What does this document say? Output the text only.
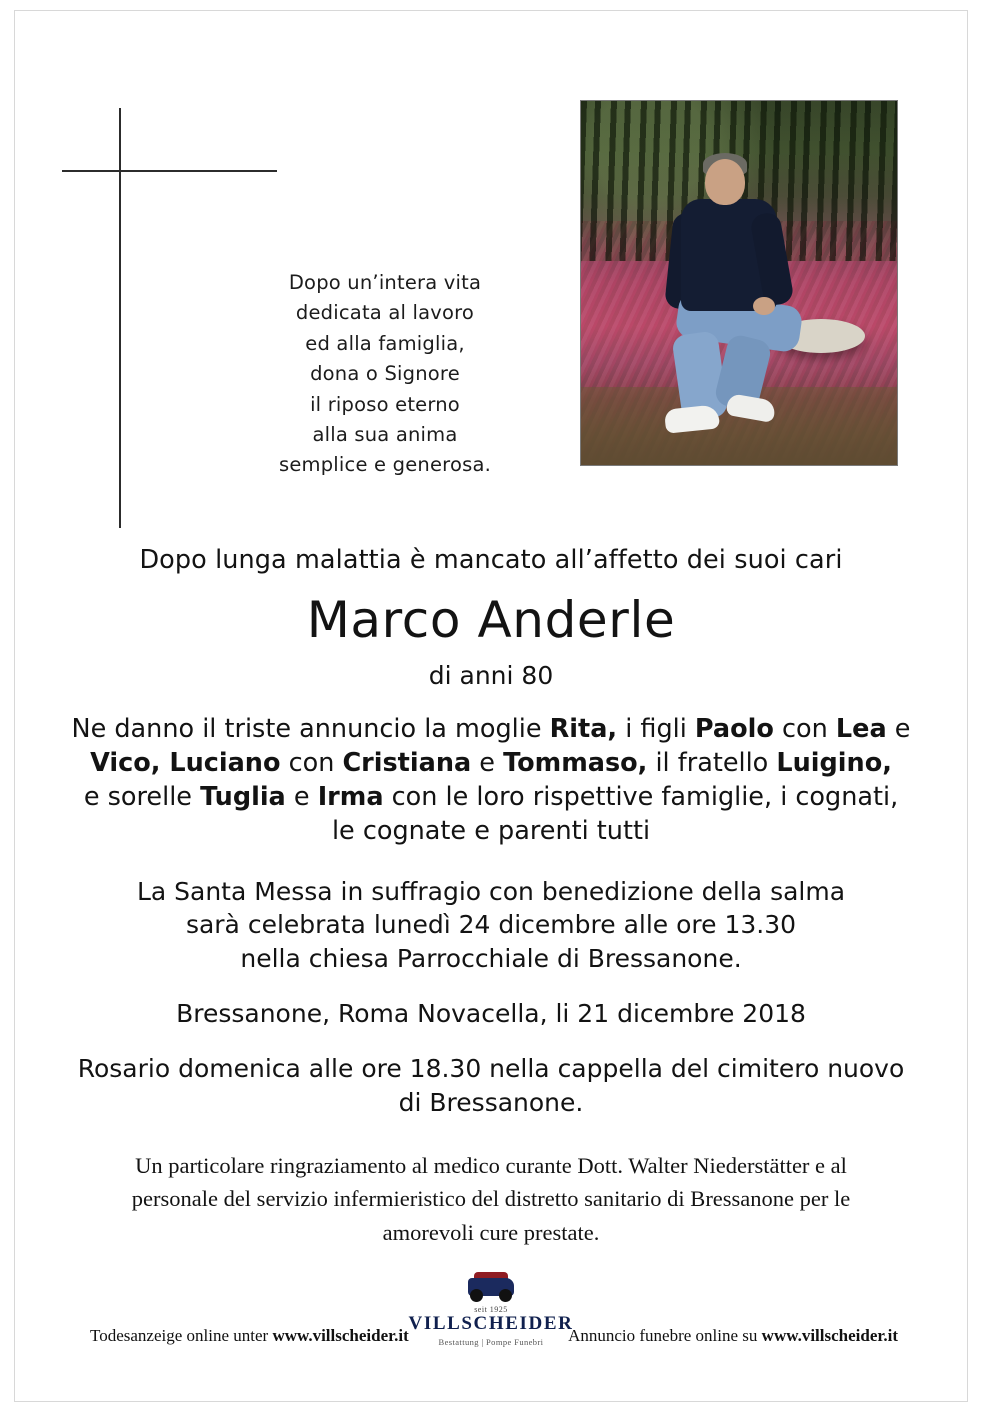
Dopo un’intera vita
dedicata al lavoro
ed alla famiglia,
dona o Signore
il riposo eterno
alla sua anima
semplice e generosa.
Dopo lunga malattia è mancato all’affetto dei suoi cari
Marco Anderle
di anni 80
Ne danno il triste annuncio la moglie Rita, i figli Paolo con Lea e
Vico, Luciano con Cristiana e Tommaso, il fratello Luigino,
e sorelle Tuglia e Irma con le loro rispettive famiglie, i cognati,
le cognate e parenti tutti
La Santa Messa in suffragio con benedizione della salma
sarà celebrata lunedì 24 dicembre alle ore 13.30
nella chiesa Parrocchiale di Bressanone.
Bressanone, Roma Novacella, li 21 dicembre 2018
Rosario domenica alle ore 18.30 nella cappella del cimitero nuovo
di Bressanone.
Un particolare ringraziamento al medico curante Dott. Walter Niederstätter e al
personale del servizio infermieristico del distretto sanitario di Bressanone per le
amorevoli cure prestate.
seit 1925
VILLSCHEIDER
Bestattung | Pompe Funebri
Todesanzeige online unter www.villscheider.it	Annuncio funebre online su www.villscheider.it
